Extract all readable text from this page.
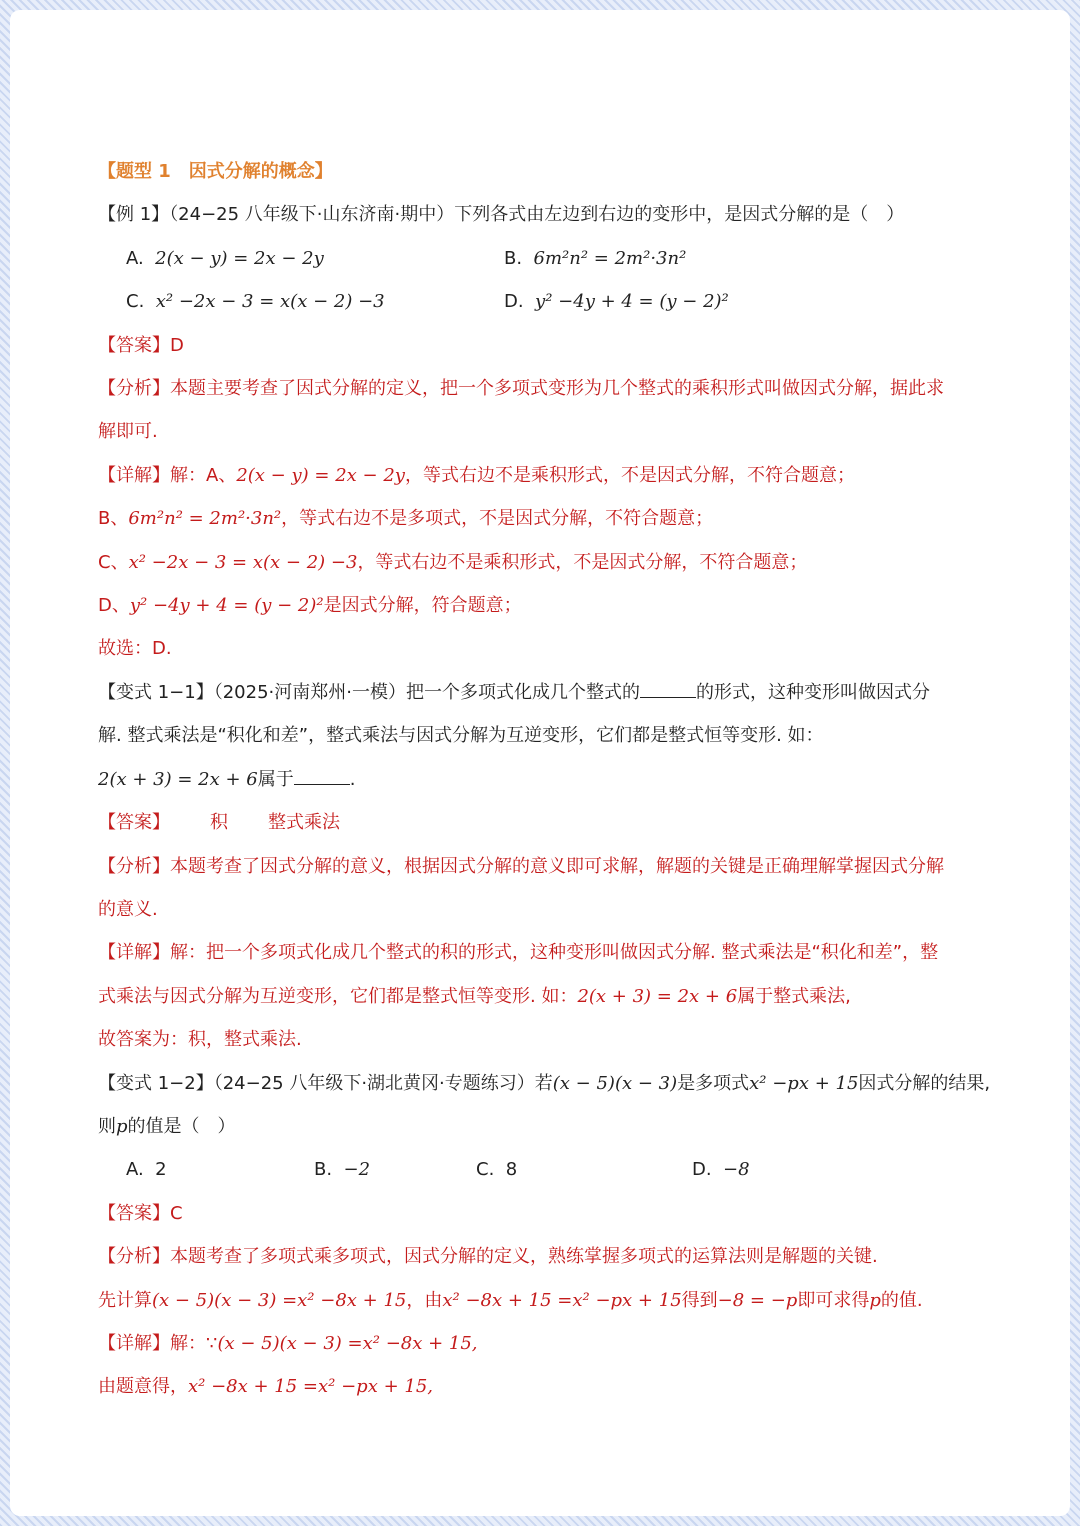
【题型 1　因式分解的概念】
【例 1】（24−25 八年级下·山东济南·期中）下列各式由左边到右边的变形中，是因式分解的是（　）
A. 2(x − y) = 2x − 2y	B. 6m²n² = 2m²·3n²
C. x² −2x − 3 = x(x − 2) −3	D. y² −4y + 4 = (y − 2)²
【答案】D
【分析】本题主要考查了因式分解的定义，把一个多项式变形为几个整式的乘积形式叫做因式分解，据此求
解即可.
【详解】解：A、2(x − y) = 2x − 2y，等式右边不是乘积形式，不是因式分解，不符合题意；
B、6m²n² = 2m²·3n²，等式右边不是多项式，不是因式分解，不符合题意；
C、x² −2x − 3 = x(x − 2) −3，等式右边不是乘积形式，不是因式分解，不符合题意；
D、y² −4y + 4 = (y − 2)²是因式分解，符合题意；
故选：D.
【变式 1−1】（2025·河南郑州·一模）把一个多项式化成几个整式的	的形式，这种变形叫做因式分
解. 整式乘法是“积化和差”，整式乘法与因式分解为互逆变形，它们都是整式恒等变形. 如：
2(x + 3) = 2x + 6属于	.
【答案】 积 整式乘法
【分析】本题考查了因式分解的意义，根据因式分解的意义即可求解，解题的关键是正确理解掌握因式分解
的意义.
【详解】解：把一个多项式化成几个整式的积的形式，这种变形叫做因式分解. 整式乘法是“积化和差”，整
式乘法与因式分解为互逆变形，它们都是整式恒等变形. 如：2(x + 3) = 2x + 6属于整式乘法,
故答案为：积，整式乘法.
【变式 1−2】（24−25 八年级下·湖北黄冈·专题练习）若(x − 5)(x − 3)是多项式x² −px + 15因式分解的结果,
则p的值是（　）
A. 2	B. −2	C. 8	D. −8
【答案】C
【分析】本题考查了多项式乘多项式，因式分解的定义，熟练掌握多项式的运算法则是解题的关键.
先计算(x − 5)(x − 3) =x² −8x + 15，由x² −8x + 15 =x² −px + 15得到−8 = −p即可求得p的值.
【详解】解：∵(x − 5)(x − 3) =x² −8x + 15,
由题意得，x² −8x + 15 =x² −px + 15,
